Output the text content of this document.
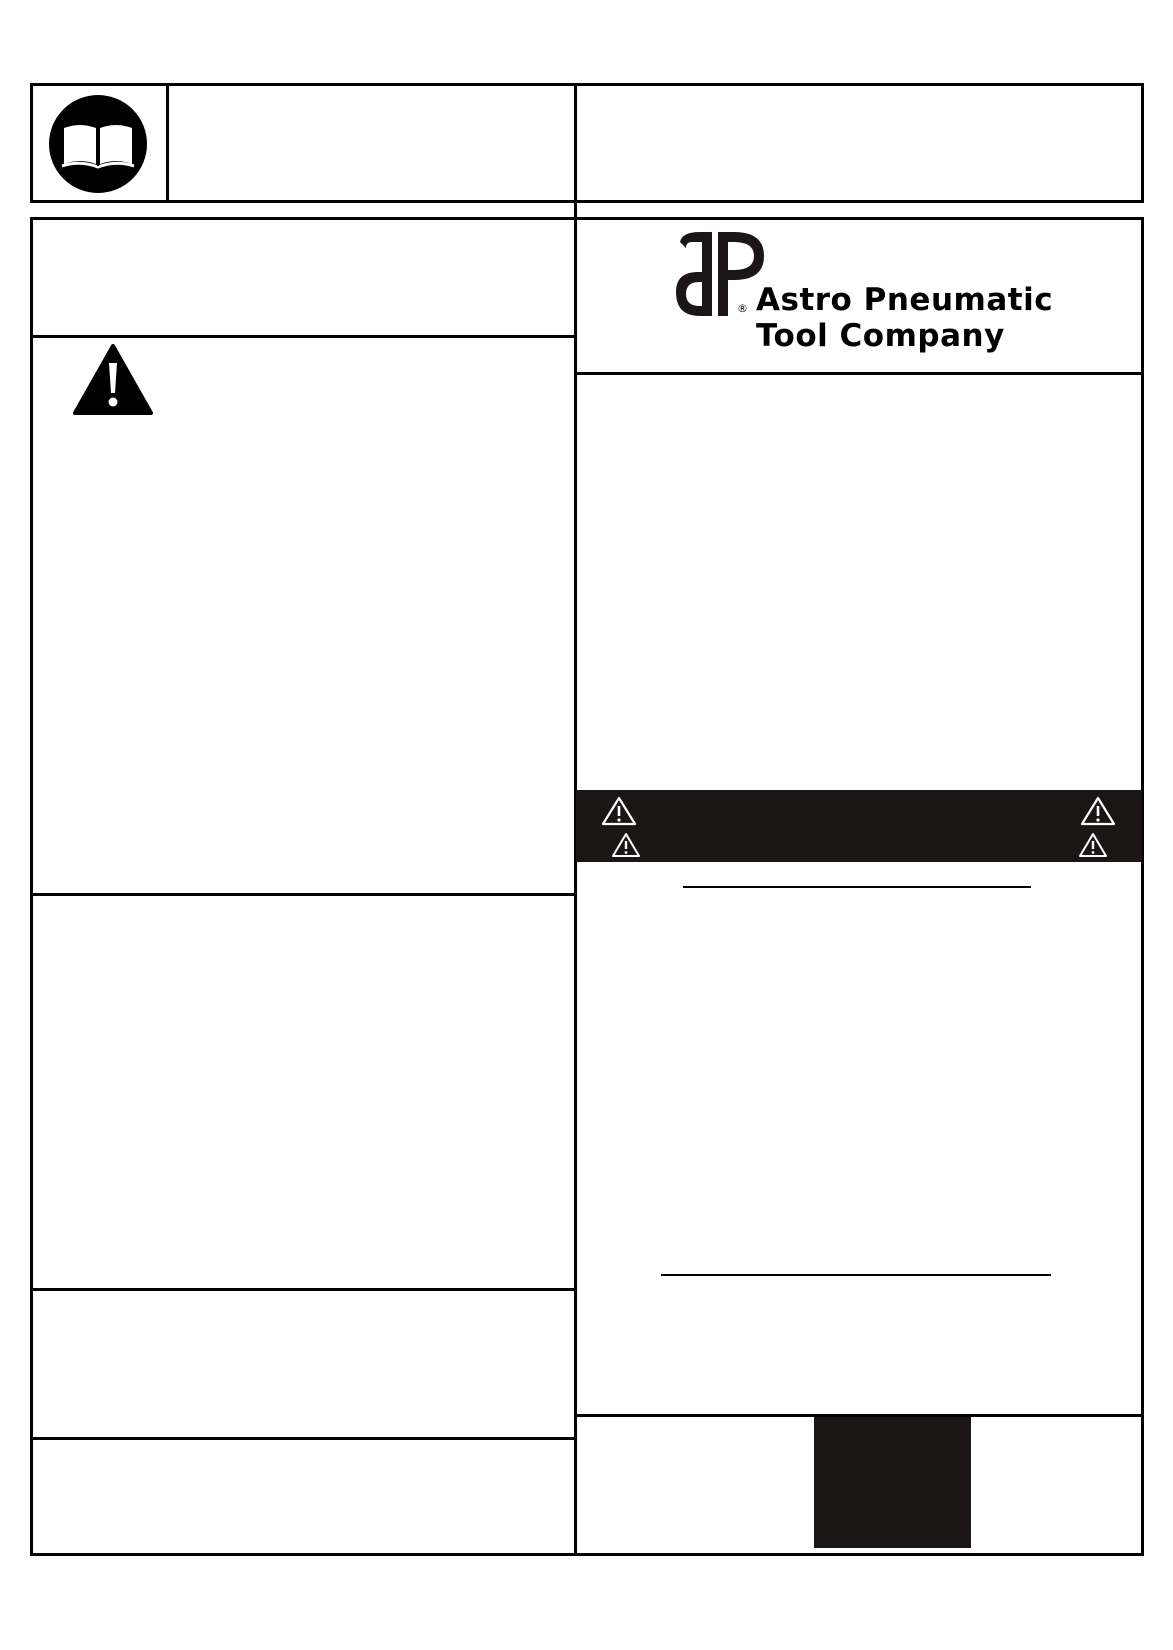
® Astro Pneumatic
Tool Company
